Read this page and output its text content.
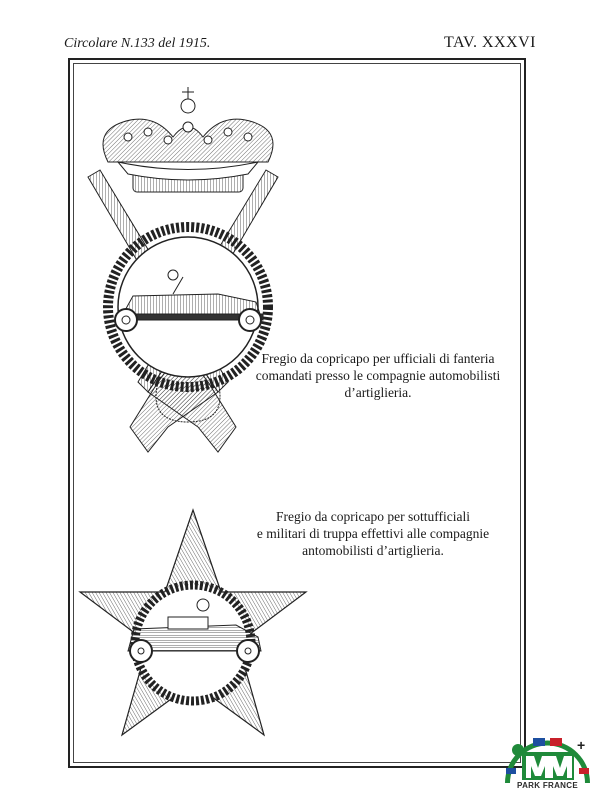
Circolare N.133 del 1915.	TAV. XXXVI
Fregio da copricapo per ufficiali di fanteria
comandati presso le compagnie automobilisti
d’artiglieria.
Fregio da copricapo per sottufficiali
e militari di truppa effettivi alle compagnie
antomobilisti d’artiglieria.
+
PARK FRANCE
